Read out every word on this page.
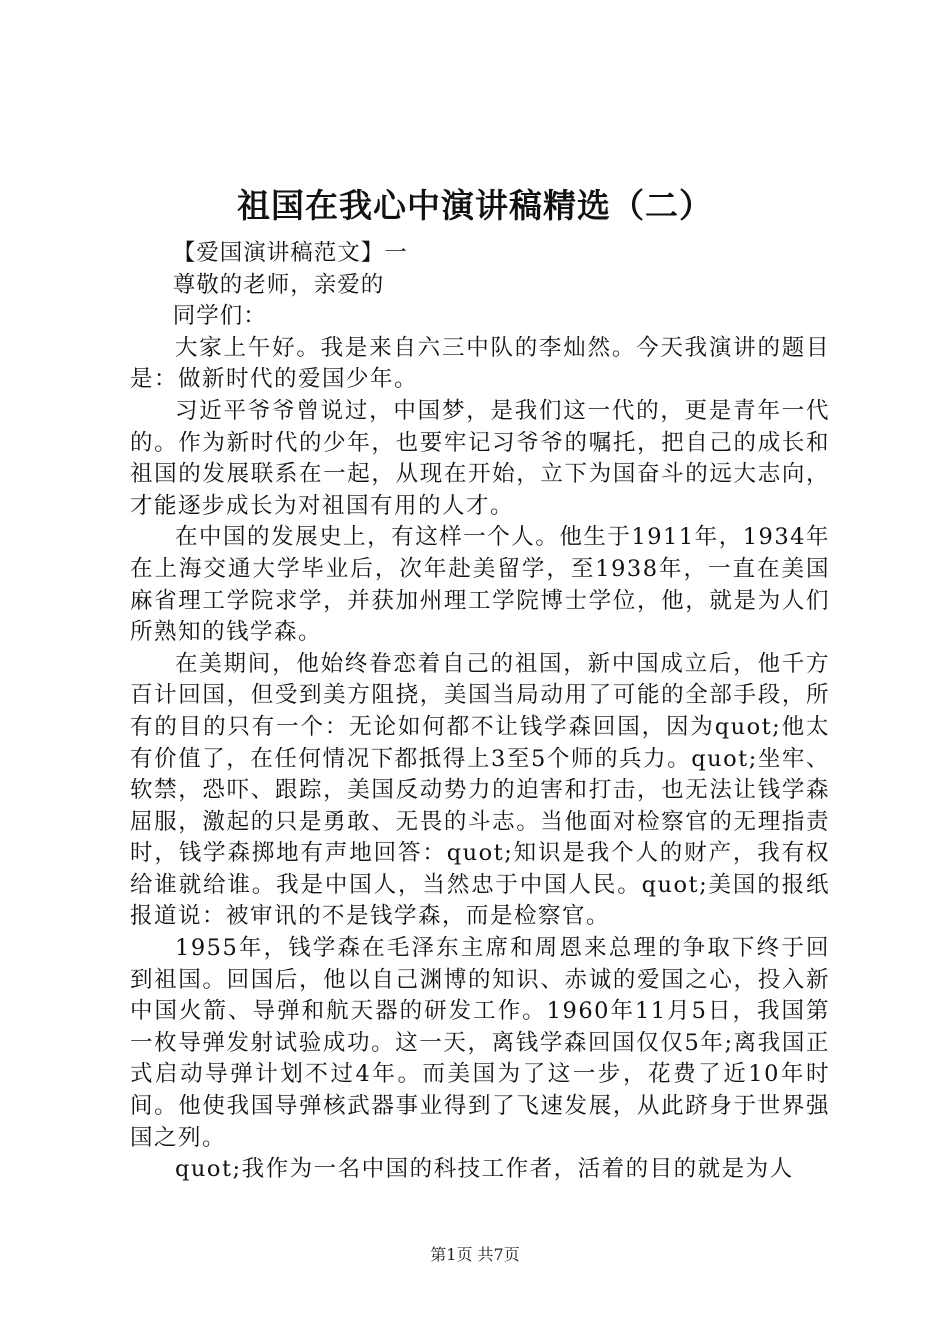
祖国在我心中演讲稿精选（二）

【爱国演讲稿范文】一

尊敬的老师，亲爱的

同学们：

大家上午好。我是来自六三中队的李灿然。今天我演讲的题目是：做新时代的爱国少年。

习近平爷爷曾说过，中国梦，是我们这一代的，更是青年一代的。作为新时代的少年，也要牢记习爷爷的嘱托，把自己的成长和祖国的发展联系在一起，从现在开始，立下为国奋斗的远大志向，才能逐步成长为对祖国有用的人才。

在中国的发展史上，有这样一个人。他生于1911年，1934年在上海交通大学毕业后，次年赴美留学，至1938年，一直在美国麻省理工学院求学，并获加州理工学院博士学位，他，就是为人们所熟知的钱学森。

在美期间，他始终眷恋着自己的祖国，新中国成立后，他千方百计回国，但受到美方阻挠，美国当局动用了可能的全部手段，所有的目的只有一个：无论如何都不让钱学森回国，因为quot;他太有价值了，在任何情况下都抵得上3至5个师的兵力。quot;坐牢、软禁，恐吓、跟踪，美国反动势力的迫害和打击，也无法让钱学森屈服，激起的只是勇敢、无畏的斗志。当他面对检察官的无理指责时，钱学森掷地有声地回答：quot;知识是我个人的财产，我有权给谁就给谁。我是中国人，当然忠于中国人民。quot;美国的报纸报道说：被审讯的不是钱学森，而是检察官。

1955年，钱学森在毛泽东主席和周恩来总理的争取下终于回到祖国。回国后，他以自己渊博的知识、赤诚的爱国之心，投入新中国火箭、导弹和航天器的研发工作。1960年11月5日，我国第一枚导弹发射试验成功。这一天，离钱学森回国仅仅5年;离我国正式启动导弹计划不过4年。而美国为了这一步，花费了近10年时间。他使我国导弹核武器事业得到了飞速发展，从此跻身于世界强国之列。

quot;我作为一名中国的科技工作者，活着的目的就是为人

第1页 共7页
